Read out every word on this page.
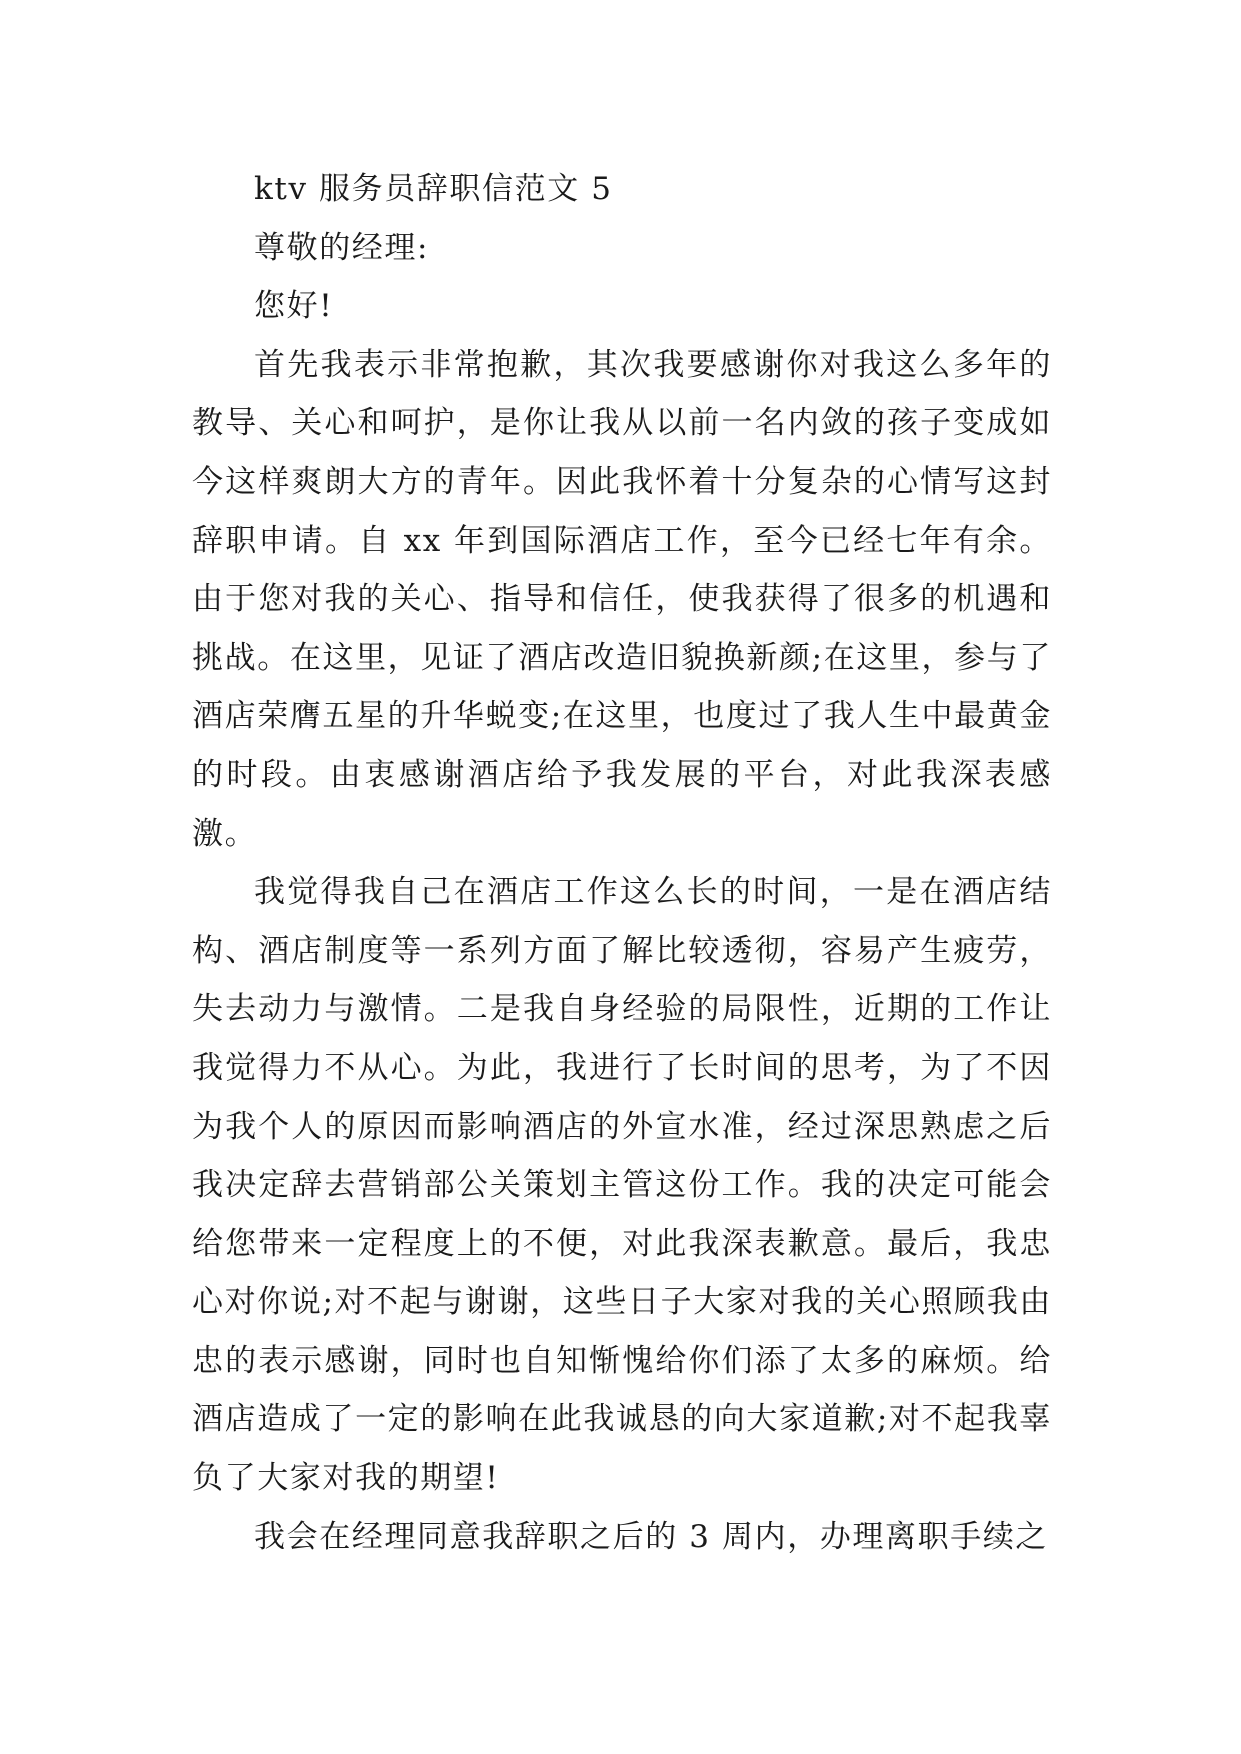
ktv 服务员辞职信范文 5

尊敬的经理:

您好!

首先我表示非常抱歉，其次我要感谢你对我这么多年的教导、关心和呵护，是你让我从以前一名内敛的孩子变成如今这样爽朗大方的青年。因此我怀着十分复杂的心情写这封辞职申请。自 xx 年到国际酒店工作，至今已经七年有余。由于您对我的关心、指导和信任，使我获得了很多的机遇和挑战。在这里，见证了酒店改造旧貌换新颜;在这里，参与了酒店荣膺五星的升华蜕变;在这里，也度过了我人生中最黄金的时段。由衷感谢酒店给予我发展的平台，对此我深表感激。

我觉得我自己在酒店工作这么长的时间，一是在酒店结构、酒店制度等一系列方面了解比较透彻，容易产生疲劳，失去动力与激情。二是我自身经验的局限性，近期的工作让我觉得力不从心。为此，我进行了长时间的思考，为了不因为我个人的原因而影响酒店的外宣水准，经过深思熟虑之后我决定辞去营销部公关策划主管这份工作。我的决定可能会给您带来一定程度上的不便，对此我深表歉意。最后，我忠心对你说;对不起与谢谢，这些日子大家对我的关心照顾我由忠的表示感谢，同时也自知惭愧给你们添了太多的麻烦。给酒店造成了一定的影响在此我诚恳的向大家道歉;对不起我辜负了大家对我的期望!

我会在经理同意我辞职之后的 3 周内，办理离职手续之
